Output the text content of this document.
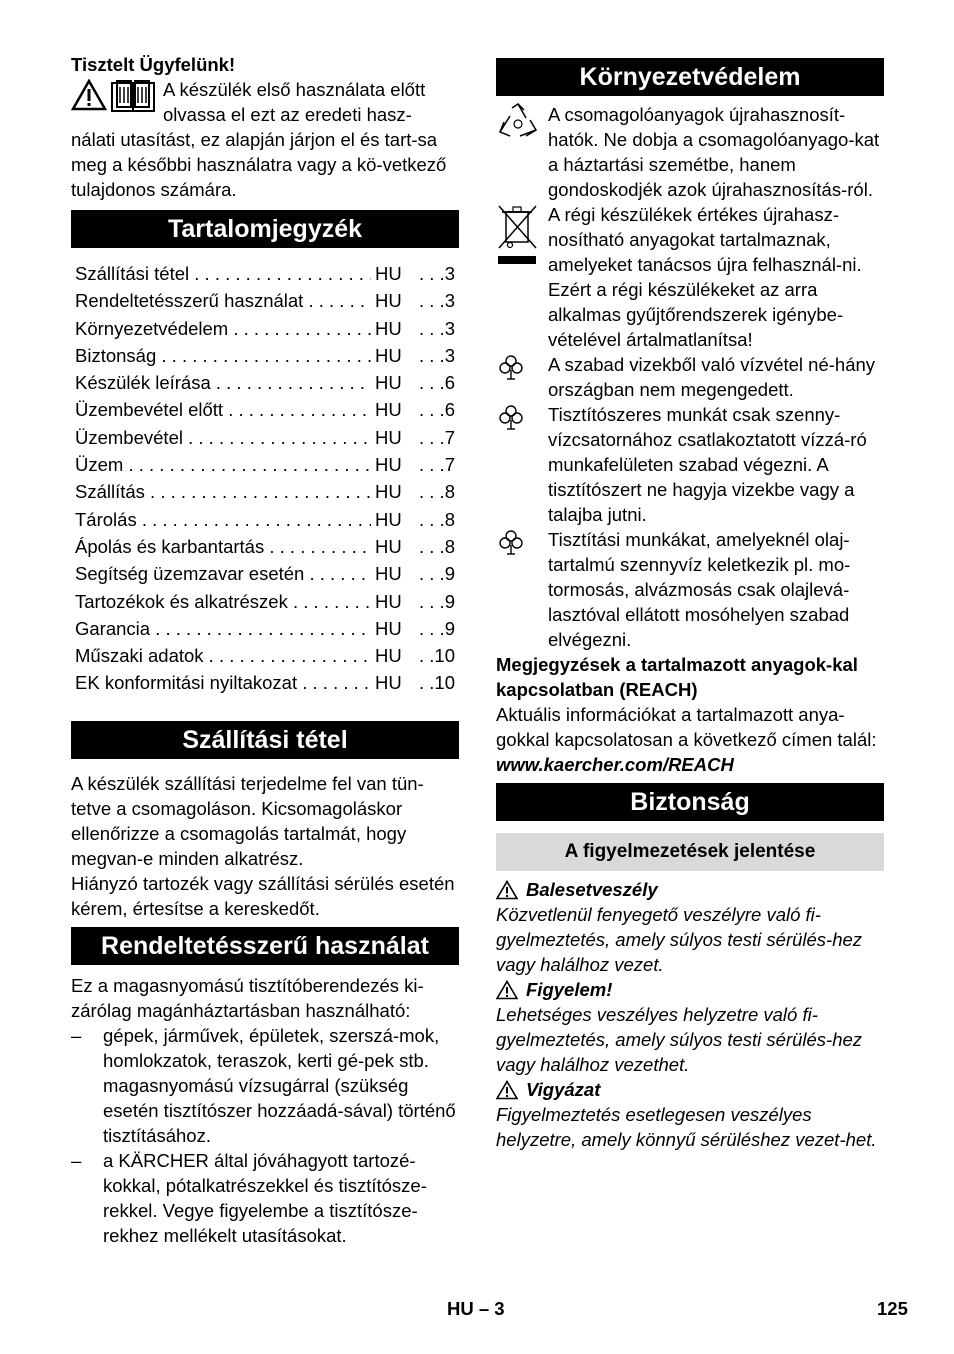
Tisztelt Ügyfelünk!

A készülék első használata előtt

olvassa el ezt az eredeti hasz-

nálati utasítást, ez alapján járjon el és tart-sa meg a későbbi használatra vagy a kö-vetkező tulajdonos számára.

Tartalomjegyzék
Szállítási tétel . . .	HU . . .3
Rendeltetésszerű használat . . .	HU . . .3
Környezetvédelem . . .	HU . . .3
Biztonság . . .	HU . . .3
Készülék leírása . . .	HU . . .6
Üzembevétel előtt . . .	HU . . .6
Üzembevétel . . .	HU . . .7
Üzem . . .	HU . . .7
Szállítás . . .	HU . . .8
Tárolás . . .	HU . . .8
Ápolás és karbantartás . . .	HU . . .8
Segítség üzemzavar esetén . . .	HU . . .9
Tartozékok és alkatrészek . . .	HU . . .9
Garancia . . .	HU . . .9
Műszaki adatok . . .	HU . .10
EK konformitási nyiltakozat . . .	HU . .10
Szállítási tétel

A készülék szállítási terjedelme fel van tün-tetve a csomagoláson. Kicsomagoláskor ellenőrizze a csomagolás tartalmát, hogy megvan-e minden alkatrész.

Hiányzó tartozék vagy szállítási sérülés esetén kérem, értesítse a kereskedőt.

Rendeltetésszerű használat

Ez a magasnyomású tisztítóberendezés ki-zárólag magánháztartásban használható:

–	gépek, járművek, épületek, szerszá-mok, homlokzatok, teraszok, kerti gé-pek stb. magasnyomású vízsugárral (szükség esetén tisztítószer hozzáadá-sával) történő tisztításához.

–	a KÄRCHER által jóváhagyott tartozé-kokkal, pótalkatrészekkel és tisztítósze-rekkel. Vegye figyelembe a tisztítósze-rekhez mellékelt utasításokat.

Környezetvédelem

A csomagolóanyagok újrahasznosít-hatók. Ne dobja a csomagolóanyago-kat a háztartási szemétbe, hanem gondoskodjék azok újrahasznosítás-ról.

A régi készülékek értékes újrahasz-nosítható anyagokat tartalmaznak, amelyeket tanácsos újra felhasznál-ni. Ezért a régi készülékeket az arra alkalmas gyűjtőrendszerek igénybe-vételével ártalmatlanítsa!

A szabad vizekből való vízvétel né-hány országban nem megengedett.

Tisztítószeres munkát csak szenny-vízcsatornához csatlakoztatott vízzá-ró munkafelületen szabad végezni. A tisztítószert ne hagyja vizekbe vagy a talajba jutni.

Tisztítási munkákat, amelyeknél olaj-tartalmú szennyvíz keletkezik pl. mo-tormosás, alvázmosás csak olajlevá-lasztóval ellátott mosóhelyen szabad elvégezni.

Megjegyzések a tartalmazott anyagok-kal kapcsolatban (REACH)

Aktuális információkat a tartalmazott anya-gokkal kapcsolatosan a következő címen talál:

www.kaercher.com/REACH

Biztonság
A figyelmezetések jelentése
Balesetveszély

Közvetlenül fenyegető veszélyre való fi-gyelmeztetés, amely súlyos testi sérülés-hez vagy halálhoz vezet.

Figyelem!

Lehetséges veszélyes helyzetre való fi-gyelmeztetés, amely súlyos testi sérülés-hez vagy halálhoz vezethet.

Vigyázat

Figyelmeztetés esetlegesen veszélyes helyzetre, amely könnyű sérüléshez vezet-het.

HU – 3	125
